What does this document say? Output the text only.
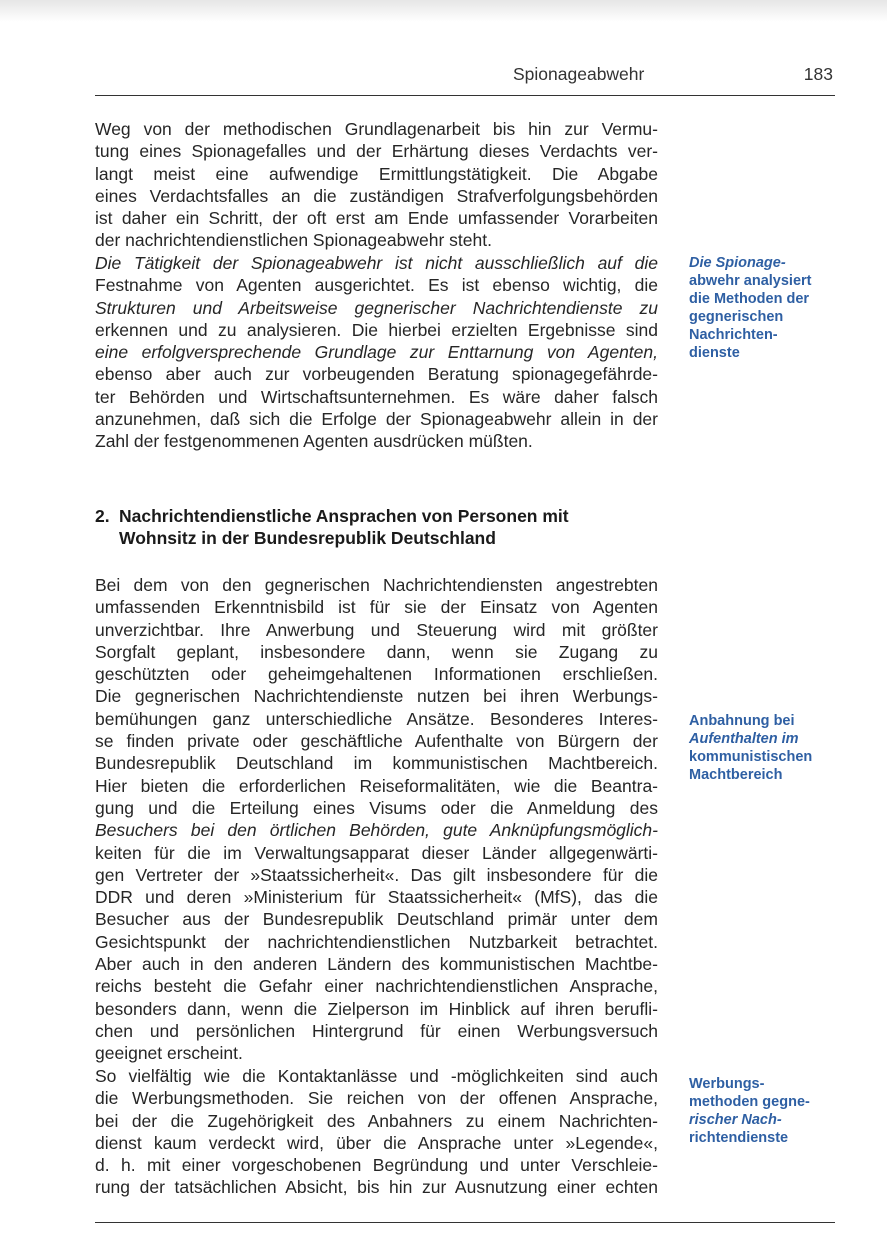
Spionageabwehr	183
Weg von der methodischen Grundlagenarbeit bis hin zur Vermu-
tung eines Spionagefalles und der Erhärtung dieses Verdachts ver-
langt meist eine aufwendige Ermittlungstätigkeit. Die Abgabe
eines Verdachtsfalles an die zuständigen Strafverfolgungsbehörden
ist daher ein Schritt, der oft erst am Ende umfassender Vorarbeiten
der nachrichtendienstlichen Spionageabwehr steht.
Die Tätigkeit der Spionageabwehr ist nicht ausschließlich auf die
Festnahme von Agenten ausgerichtet. Es ist ebenso wichtig, die
Strukturen und Arbeitsweise gegnerischer Nachrichtendienste zu
erkennen und zu analysieren. Die hierbei erzielten Ergebnisse sind
eine erfolgversprechende Grundlage zur Enttarnung von Agenten,
ebenso aber auch zur vorbeugenden Beratung spionagegefährde-
ter Behörden und Wirtschaftsunternehmen. Es wäre daher falsch
anzunehmen, daß sich die Erfolge der Spionageabwehr allein in der
Zahl der festgenommenen Agenten ausdrücken müßten.
2. Nachrichtendienstliche Ansprachen von Personen mit
Wohnsitz in der Bundesrepublik Deutschland
Bei dem von den gegnerischen Nachrichtendiensten angestrebten
umfassenden Erkenntnisbild ist für sie der Einsatz von Agenten
unverzichtbar. Ihre Anwerbung und Steuerung wird mit größter
Sorgfalt geplant, insbesondere dann, wenn sie Zugang zu
geschützten oder geheimgehaltenen Informationen erschließen.
Die gegnerischen Nachrichtendienste nutzen bei ihren Werbungs-
bemühungen ganz unterschiedliche Ansätze. Besonderes Interes-
se finden private oder geschäftliche Aufenthalte von Bürgern der
Bundesrepublik Deutschland im kommunistischen Machtbereich.
Hier bieten die erforderlichen Reiseformalitäten, wie die Beantra-
gung und die Erteilung eines Visums oder die Anmeldung des
Besuchers bei den örtlichen Behörden, gute Anknüpfungsmöglich-
keiten für die im Verwaltungsapparat dieser Länder allgegenwärti-
gen Vertreter der »Staatssicherheit«. Das gilt insbesondere für die
DDR und deren »Ministerium für Staatssicherheit« (MfS), das die
Besucher aus der Bundesrepublik Deutschland primär unter dem
Gesichtspunkt der nachrichtendienstlichen Nutzbarkeit betrachtet.
Aber auch in den anderen Ländern des kommunistischen Machtbe-
reichs besteht die Gefahr einer nachrichtendienstlichen Ansprache,
besonders dann, wenn die Zielperson im Hinblick auf ihren berufli-
chen und persönlichen Hintergrund für einen Werbungsversuch
geeignet erscheint.
So vielfältig wie die Kontaktanlässe und -möglichkeiten sind auch
die Werbungsmethoden. Sie reichen von der offenen Ansprache,
bei der die Zugehörigkeit des Anbahners zu einem Nachrichten-
dienst kaum verdeckt wird, über die Ansprache unter »Legende«,
d. h. mit einer vorgeschobenen Begründung und unter Verschleie-
rung der tatsächlichen Absicht, bis hin zur Ausnutzung einer echten
Die Spionage-
abwehr analysiert
die Methoden der
gegnerischen
Nachrichten-
dienste
Anbahnung bei
Aufenthalten im
kommunistischen
Machtbereich
Werbungs-
methoden gegne-
rischer Nach-
richtendienste
